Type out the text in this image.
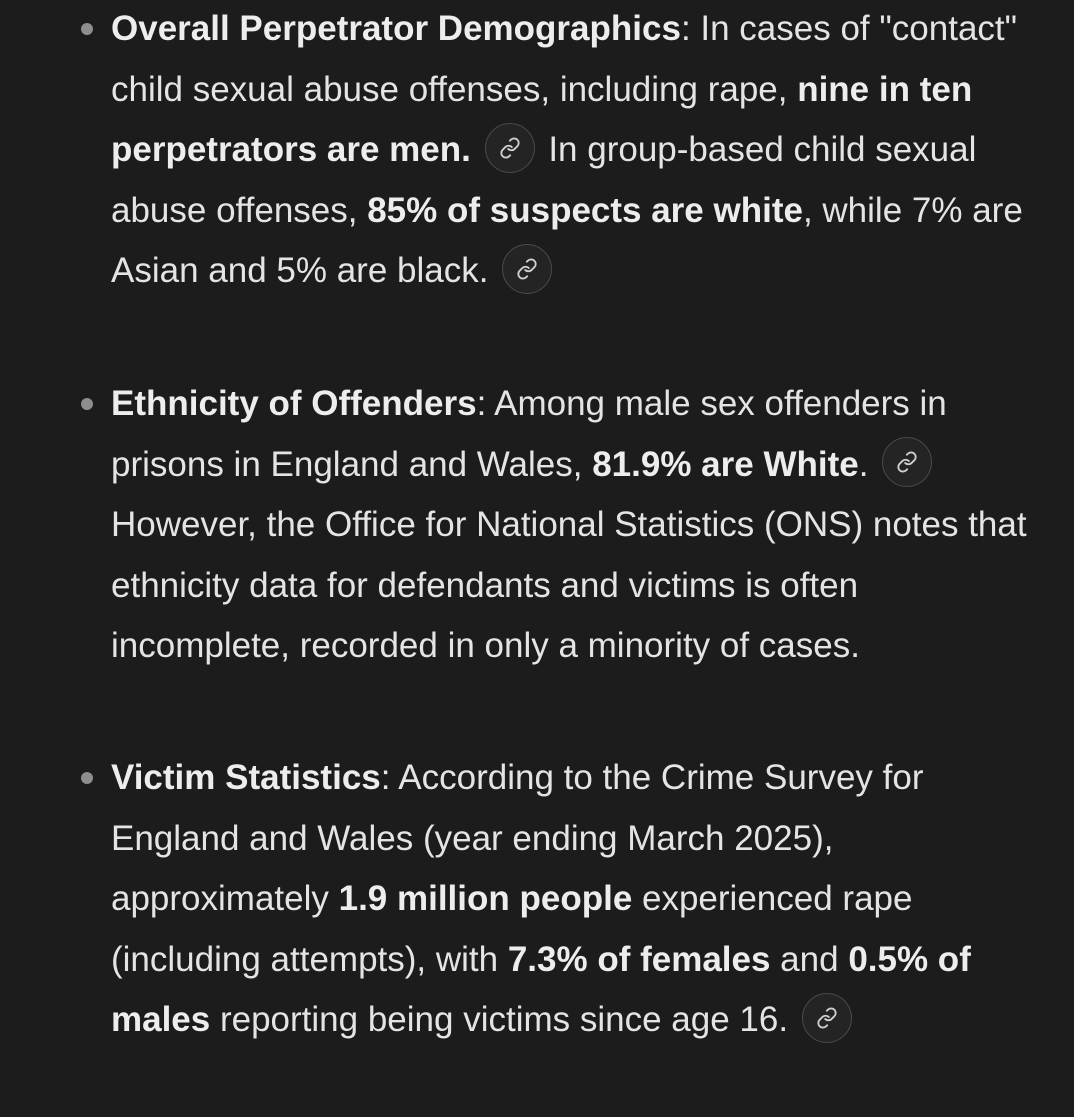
Overall Perpetrator Demographics: In cases of "contact" child sexual abuse offenses, including rape, nine in ten perpetrators are men.
In group-based child sexual abuse offenses, 85% of suspects are white, while 7% are Asian and 5% are black.
Ethnicity of Offenders: Among male sex offenders in prisons in England and Wales, 81.9% are White.
However, the Office for National Statistics (ONS) notes that ethnicity data for defendants and victims is often incomplete, recorded in only a minority of cases.
Victim Statistics: According to the Crime Survey for England and Wales (year ending March 2025), approximately 1.9 million people experienced rape (including attempts), with 7.3% of females and 0.5% of males reporting being victims since age 16.
